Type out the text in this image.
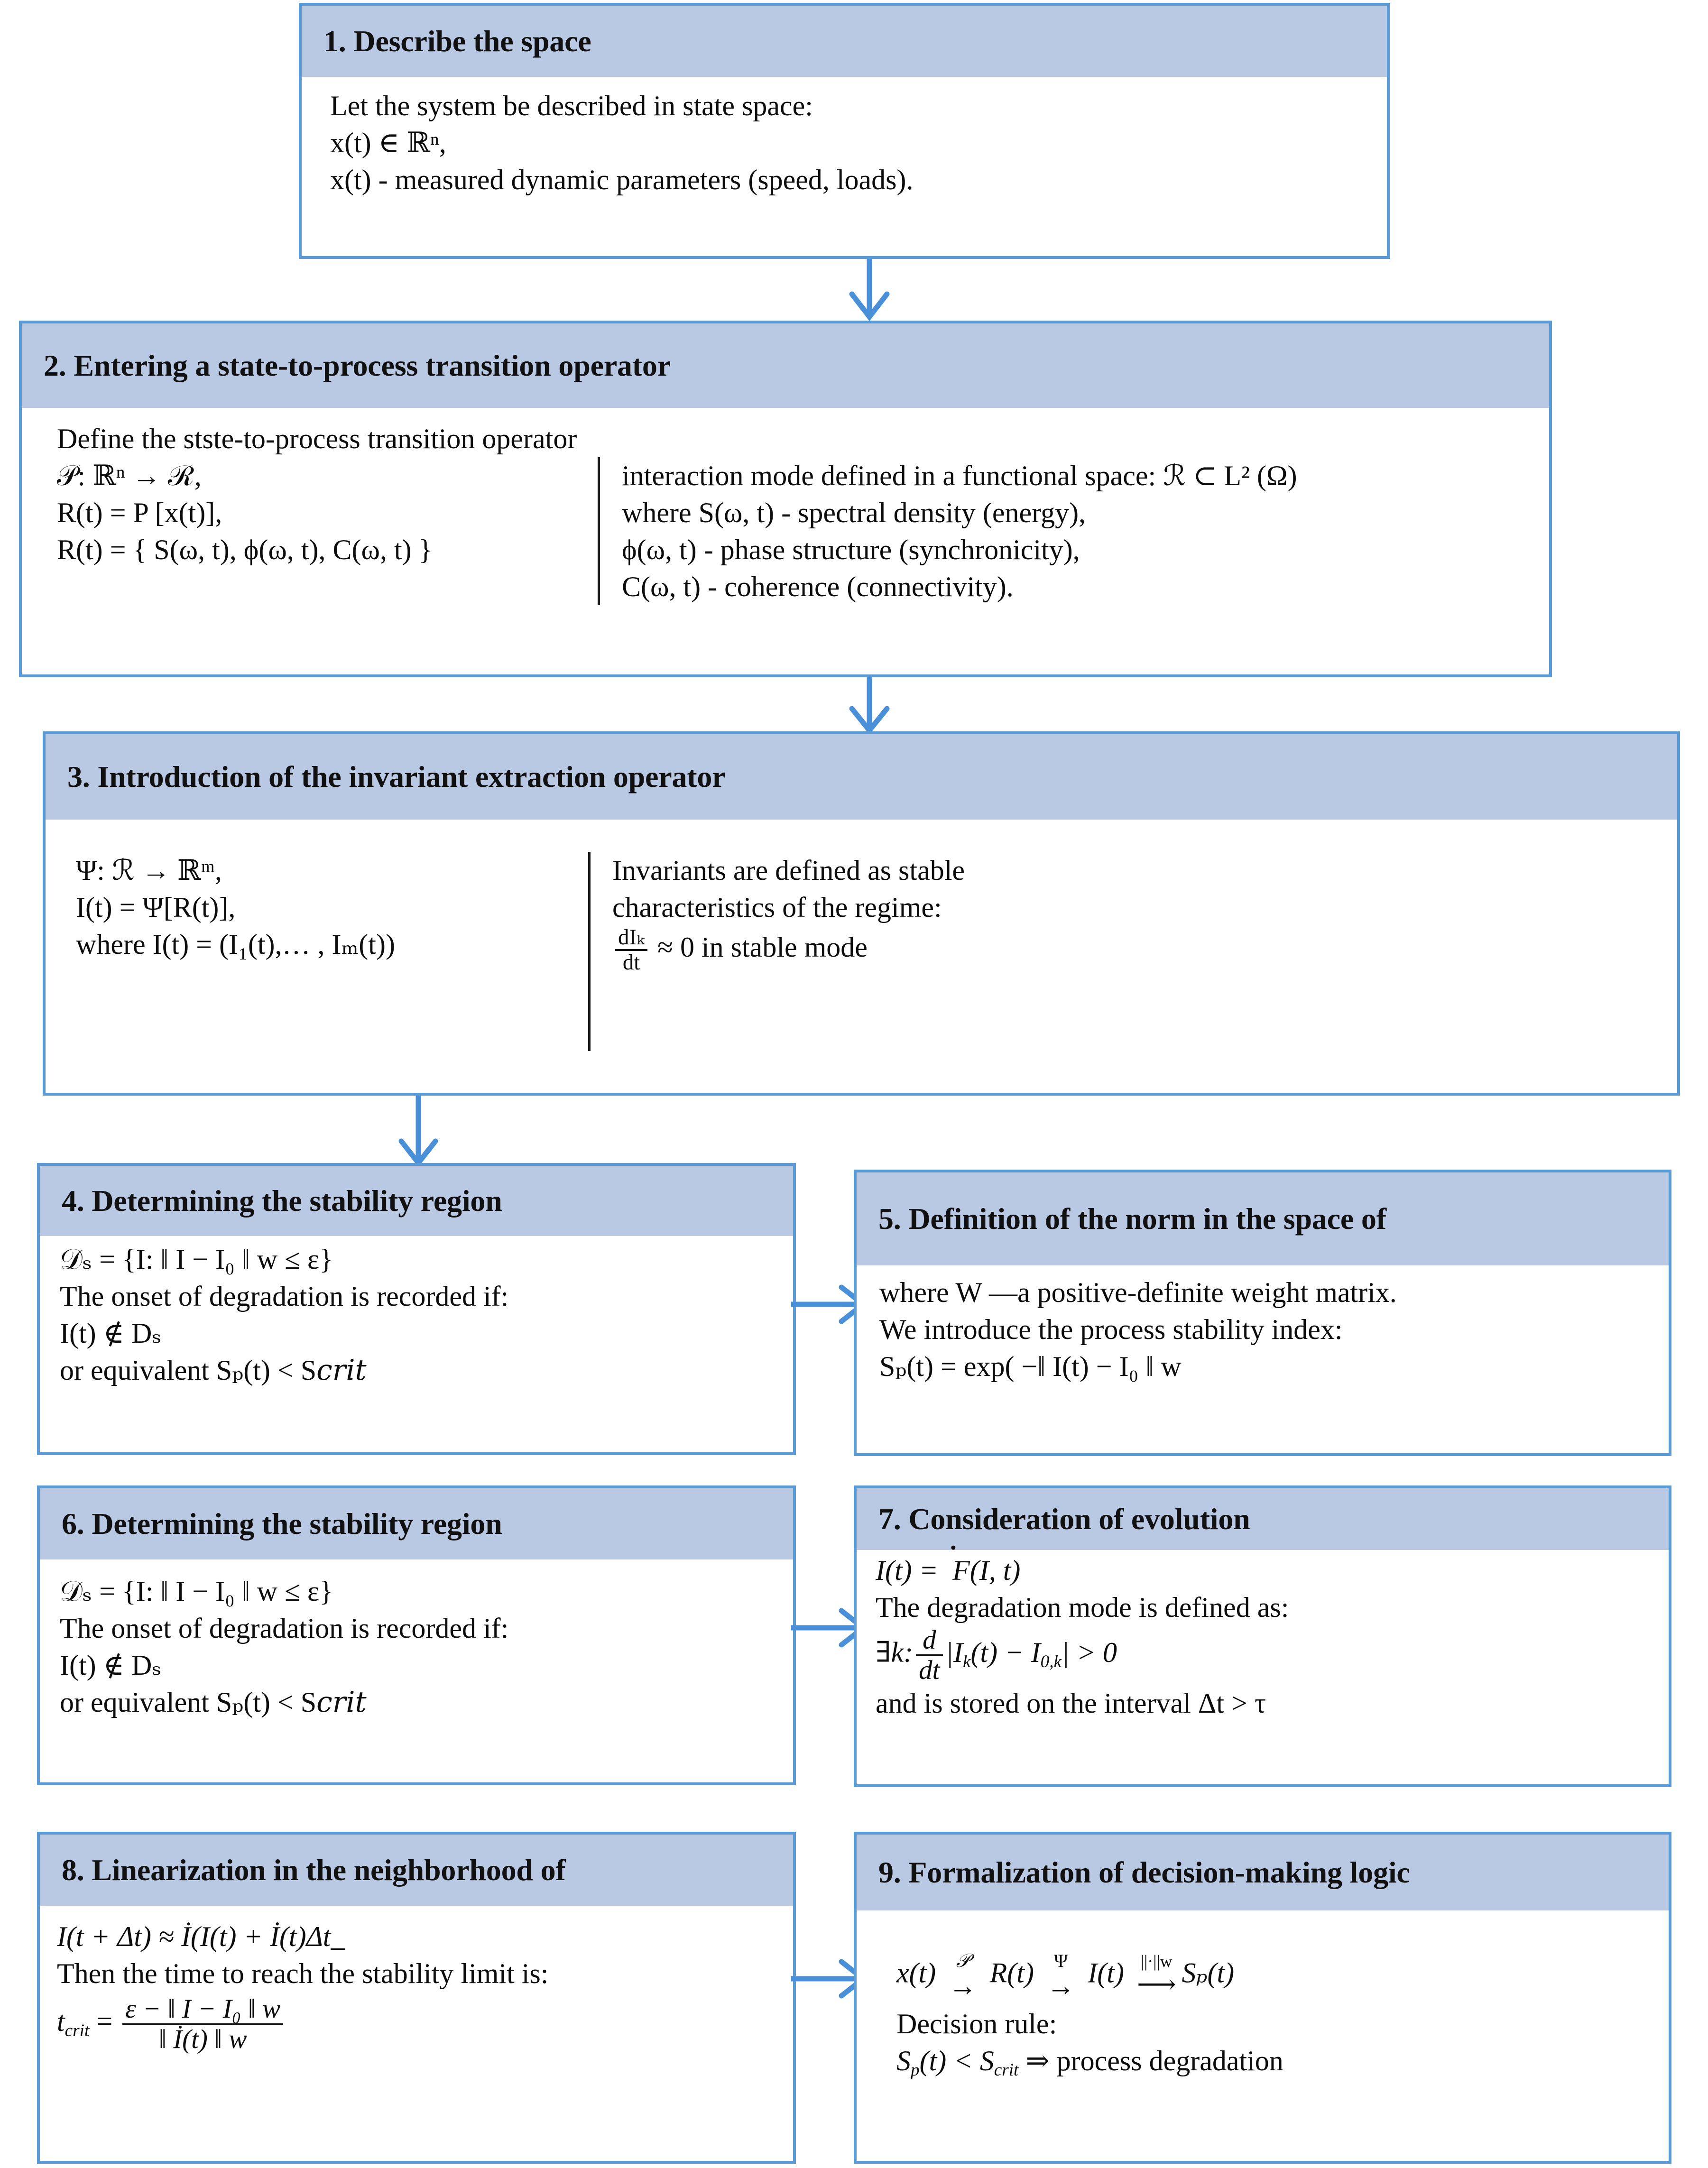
1. Describe the space
Let the system be described in state space:
x(t) ∈ ℝⁿ,
x(t) - measured dynamic parameters (speed, loads).
2. Entering a state-to-process transition operator
Define the stste-to-process transition operator
𝒫: ℝⁿ → ℛ,
R(t) = P [x(t)],
R(t) = { S(ω, t), ϕ(ω, t), C(ω, t) }
interaction mode defined in a functional space: ℛ ⊂ L² (Ω)
where S(ω, t) - spectral density (energy),
ϕ(ω, t) - phase structure (synchronicity),
C(ω, t) - coherence (connectivity).
3. Introduction of the invariant extraction operator
Ψ: ℛ → ℝᵐ,
I(t) = Ψ[R(t)],
where I(t) = (I₁(t),… , Iₘ(t))
Invariants are defined as stable
characteristics of the regime:
$\frac{\text{dIₖ}}{dt} \approx 0$ in stable mode
4. Determining the stability region
𝒟ₛ = {I: ‖ I − I₀ ‖ w ≤ ε}
The onset of degradation is recorded if:
I(t) ∉ Dₛ
or equivalent Sₚ(t) < S𝑐𝑟𝑖𝑡
5. Definition of the norm in the space of
where W —a positive-definite weight matrix.
We introduce the process stability index:
Sₚ(t) = exp( −‖ I(t) − I₀ ‖ w
6. Determining the stability region
𝒟ₛ = {I: ‖ I − I₀ ‖ w ≤ ε}
The onset of degradation is recorded if:
I(t) ∉ Dₛ
or equivalent Sₚ(t) < S𝑐𝑟𝑖𝑡
7. Consideration of evolution
I(t) =   ·F(I, t)
The degradation mode is defined as:
∃k: $\frac{d}{dt} |I_k(t) - I_{0,k}| > 0$
and is stored on the interval Δt > τ
8. Linearization in the neighborhood of
I(t + Δt) ≈ İ(I(t) + İ(t)Δt_
Then the time to reach the stability limit is:
$t_{crit} = \frac{\text{ε − ‖ I − I₀ ‖ w}}{‖ İ(t) ‖ w}$
9. Formalization of decision-making logic
x(t)	𝒫
→ R(t)	Ψ
→ I(t) ||·||w
⟶ Sₚ(t)
Decision rule:
$S_p(t) < S_{crit}$ ⇒ process degradation
